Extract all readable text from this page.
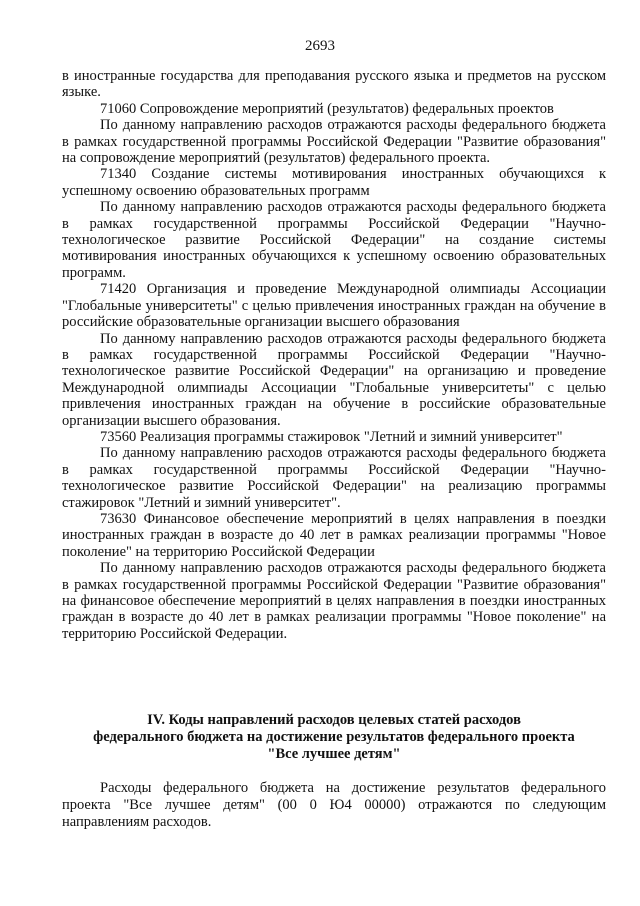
2693

в иностранные государства для преподавания русского языка и предметов на русском языке.

71060 Сопровождение мероприятий (результатов) федеральных проектов

По данному направлению расходов отражаются расходы федерального бюджета в рамках государственной программы Российской Федерации "Развитие образования" на сопровождение мероприятий (результатов) федерального проекта.

71340 Создание системы мотивирования иностранных обучающихся к успешному освоению образовательных программ

По данному направлению расходов отражаются расходы федерального бюджета в рамках государственной программы Российской Федерации "Научно-технологическое развитие Российской Федерации" на создание системы мотивирования иностранных обучающихся к успешному освоению образовательных программ.

71420 Организация и проведение Международной олимпиады Ассоциации "Глобальные университеты" с целью привлечения иностранных граждан на обучение в российские образовательные организации высшего образования

По данному направлению расходов отражаются расходы федерального бюджета в рамках государственной программы Российской Федерации "Научно-технологическое развитие Российской Федерации" на организацию и проведение Международной олимпиады Ассоциации "Глобальные университеты" с целью привлечения иностранных граждан на обучение в российские образовательные организации высшего образования.

73560 Реализация программы стажировок "Летний и зимний университет"

По данному направлению расходов отражаются расходы федерального бюджета в рамках государственной программы Российской Федерации "Научно-технологическое развитие Российской Федерации" на реализацию программы стажировок "Летний и зимний университет".

73630 Финансовое обеспечение мероприятий в целях направления в поездки иностранных граждан в возрасте до 40 лет в рамках реализации программы "Новое поколение" на территорию Российской Федерации

По данному направлению расходов отражаются расходы федерального бюджета в рамках государственной программы Российской Федерации "Развитие образования" на финансовое обеспечение мероприятий в целях направления в поездки иностранных граждан в возрасте до 40 лет в рамках реализации программы "Новое поколение" на территорию Российской Федерации.

IV. Коды направлений расходов целевых статей расходов
федерального бюджета на достижение результатов федерального проекта
"Все лучшее детям"

Расходы федерального бюджета на достижение результатов федерального проекта "Все лучшее детям" (00 0 Ю4 00000) отражаются по следующим направлениям расходов.
